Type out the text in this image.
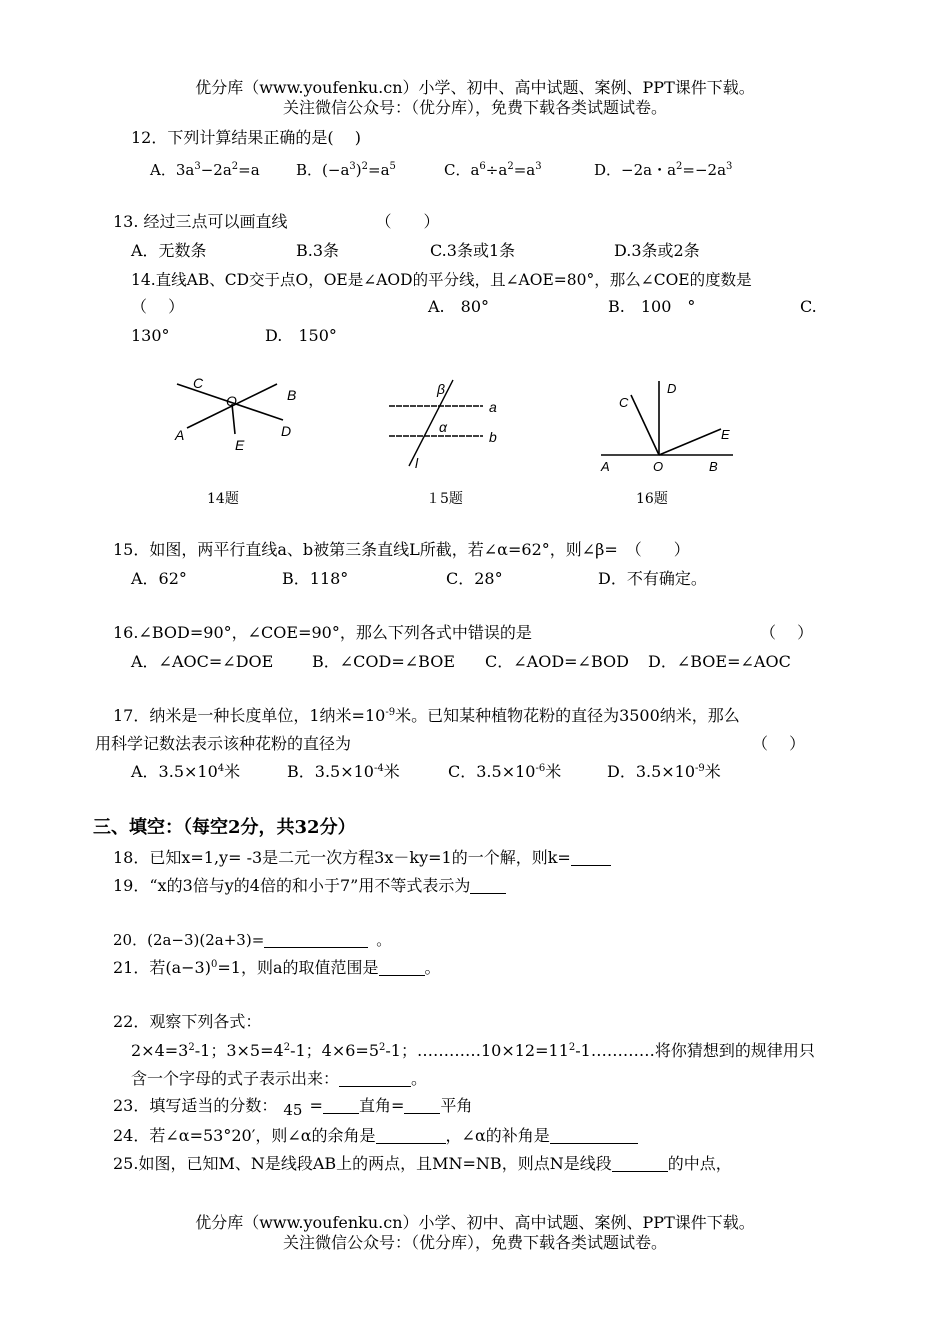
优分库（www.youfenku.cn）小学、初中、高中试题、案例、PPT课件下载。
关注微信公众号：（优分库），免费下载各类试题试卷。
12．下列计算结果正确的是(　 )
A．$3a^3-2a^2=a$ B．$(-a^3)^2=a^5$	C．$a^6\div a^2=a^3$	D．−2a・$a^2=-2a^3$
13. 经过三点可以画直线　　　　　　（　　）
A．无数条	B.3条	C.3条或1条	D.3条或2条
14.直线AB、CD交于点O，OE是∠AOD的平分线，且∠AOE=80°，那么∠COE的度数是
（　 ）	A.　80°	B.　100　°	C.
130°	D.　150°
C
O	B
A
E
D
14题
β
a
α
b
l
１5题
C
D
E
A	O	B
16题
15．如图，两平行直线a、b被第三条直线L所截，若∠α=62°，则∠β=　（　　）
A．62°	B．118°	C．28°	D．不有确定。
16.∠BOD=90°，∠COE=90°，那么下列各式中错误的是	（　 ）
A．∠AOC=∠DOE B．∠COD=∠BOE C．∠AOD=∠BOD D．∠BOE=∠AOC
17．纳米是一种长度单位，1纳米$=10^{-9}$米。已知某种植物花粉的直径为3500纳米，那么
用科学记数法表示该种花粉的直径为	（　 ）
A．$3.5\times 10^4$米	B．$3.5\times 10^{-4}$米	C．$3.5\times 10^{-6}$米	D．$3.5\times 10^{-9}$米
三、填空：（每空2分，共32分）
18．已知x=1,y= -3是二元一次方程3x－ky=1的一个解，则k=
19．“x的3倍与y的4倍的和小于7”用不等式表示为
20．(2a−3)(2a+3)=	。
21．若$(a-3)^0=1$，则a的取值范围是	。
22．观察下列各式：
$2\times 4=3^2-1$；$3\times 5=4^2-1$；$4\times 6=5^2-1$；$\dots\dots\dots\dots 10\times 12=11^2-1\dots\dots\dots\dots$将你猜想到的规律用只
含一个字母的式子表示出来：	。
23．填写适当的分数： 45 = 直角= 平角
24．若∠α=53°20′，则∠α的余角是	，∠α的补角是
25.如图，已知M、N是线段AB上的两点，且MN=NB，则点N是线段	的中点，
优分库（www.youfenku.cn）小学、初中、高中试题、案例、PPT课件下载。
关注微信公众号：（优分库），免费下载各类试题试卷。
